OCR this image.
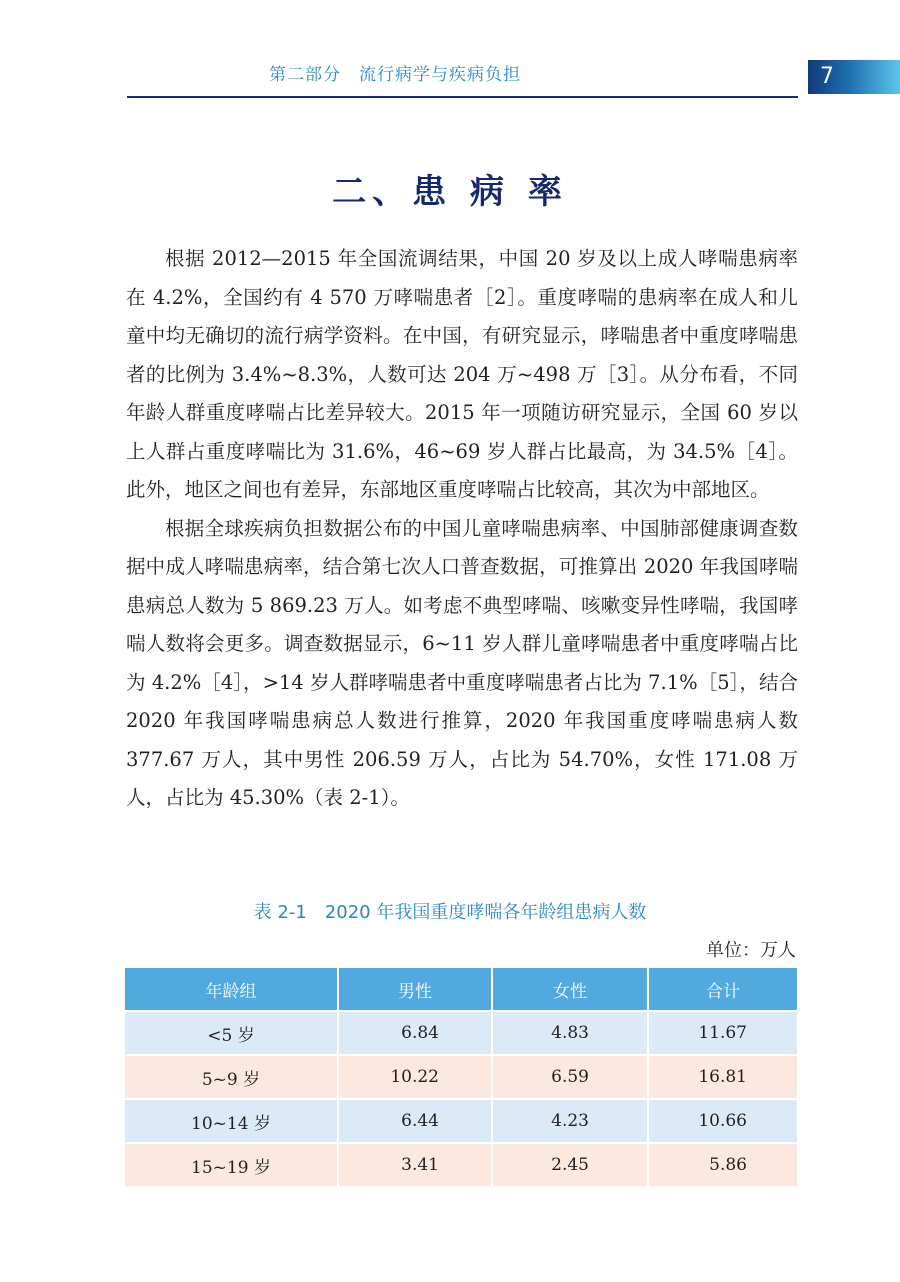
第二部分　流行病学与疾病负担	7
二、患 病 率

根据 2012—2015 年全国流调结果，中国 20 岁及以上成人哮喘患病率在 4.2%，全国约有 4 570 万哮喘患者［2］。重度哮喘的患病率在成人和儿童中均无确切的流行病学资料。在中国，有研究显示，哮喘患者中重度哮喘患者的比例为 3.4%~8.3%，人数可达 204 万~498 万［3］。从分布看，不同年龄人群重度哮喘占比差异较大。2015 年一项随访研究显示，全国 60 岁以上人群占重度哮喘比为 31.6%，46~69 岁人群占比最高，为 34.5%［4］。此外，地区之间也有差异，东部地区重度哮喘占比较高，其次为中部地区。

根据全球疾病负担数据公布的中国儿童哮喘患病率、中国肺部健康调查数据中成人哮喘患病率，结合第七次人口普查数据，可推算出 2020 年我国哮喘患病总人数为 5 869.23 万人。如考虑不典型哮喘、咳嗽变异性哮喘，我国哮喘人数将会更多。调查数据显示，6~11 岁人群儿童哮喘患者中重度哮喘占比为 4.2%［4］，>14 岁人群哮喘患者中重度哮喘患者占比为 7.1%［5］，结合 2020 年我国哮喘患病总人数进行推算，2020 年我国重度哮喘患病人数 377.67 万人，其中男性 206.59 万人，占比为 54.70%，女性 171.08 万人，占比为 45.30%（表 2-1）。

表 2-1　2020 年我国重度哮喘各年龄组患病人数
单位：万人
年龄组	男性	女性	合计
<5 岁	6.84	4.83	11.67
5~9 岁	10.22	6.59	16.81
10~14 岁	6.44	4.23	10.66
15~19 岁	3.41	2.45	5.86
